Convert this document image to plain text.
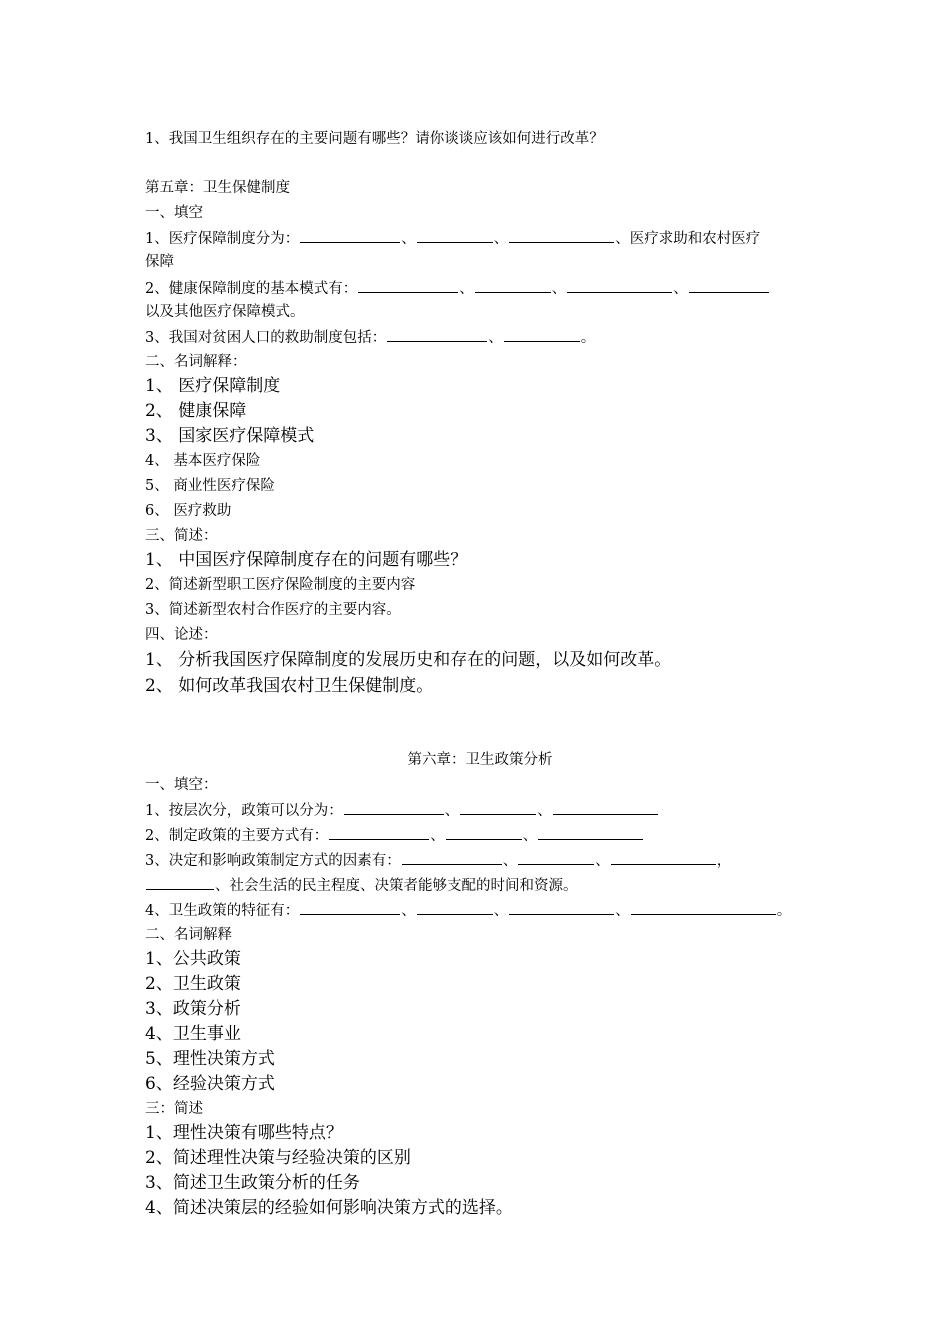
1、我国卫生组织存在的主要问题有哪些？请你谈谈应该如何进行改革？
第五章：卫生保健制度
一、填空
1、医疗保障制度分为：	、	、	、医疗求助和农村医疗
保障
2、健康保障制度的基本模式有：	、	、	、
以及其他医疗保障模式。
3、我国对贫困人口的救助制度包括：	、	。
二、名词解释：
1、 医疗保障制度
2、 健康保障
3、 国家医疗保障模式
4、 基本医疗保险
5、 商业性医疗保险
6、 医疗救助
三、简述：
1、 中国医疗保障制度存在的问题有哪些？
2、简述新型职工医疗保险制度的主要内容
3、简述新型农村合作医疗的主要内容。
四、论述：
1、 分析我国医疗保障制度的发展历史和存在的问题，以及如何改革。
2、 如何改革我国农村卫生保健制度。
第六章：卫生政策分析
一、填空：
1、按层次分，政策可以分为：	、	、
2、制定政策的主要方式有：	、	、
3、决定和影响政策制定方式的因素有：	、	、	，
、社会生活的民主程度、决策者能够支配的时间和资源。
4、卫生政策的特征有：	、	、	、	。
二、名词解释
1、公共政策
2、卫生政策
3、政策分析
4、卫生事业
5、理性决策方式
6、经验决策方式
三：简述
1、理性决策有哪些特点？
2、简述理性决策与经验决策的区别
3、简述卫生政策分析的任务
4、简述决策层的经验如何影响决策方式的选择。
